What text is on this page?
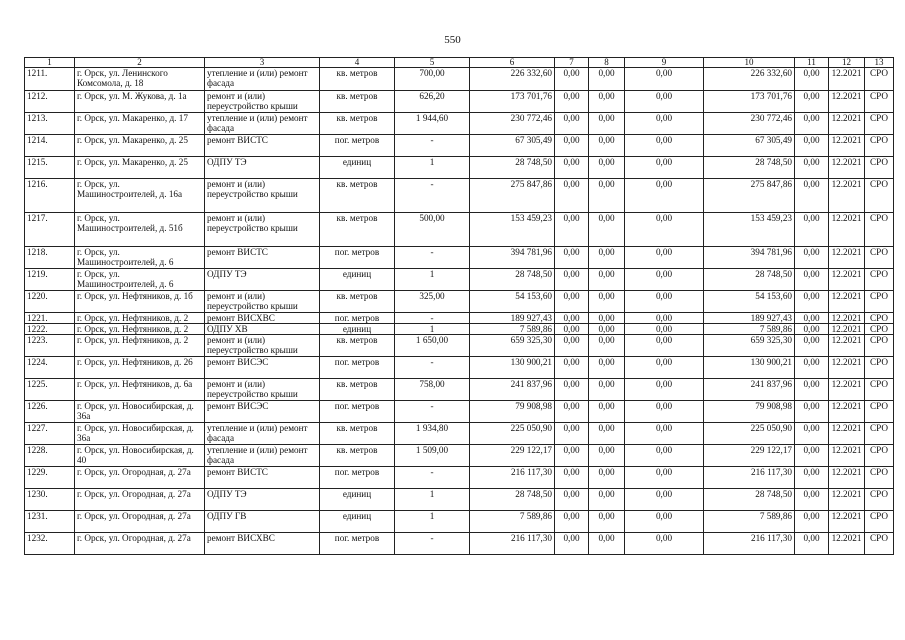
550
1	2	3	4	5	6	7	8	9	10	11	12	13
1211.	г. Орск, ул. Ленинского Комсомола, д. 18	утепление и (или) ремонт фасада	кв. метров	700,00	226 332,60	0,00	0,00	0,00	226 332,60	0,00	12.2021	СРО
1212.	г. Орск, ул. М. Жукова, д. 1а	ремонт и (или) переустройство крыши	кв. метров	626,20	173 701,76	0,00	0,00	0,00	173 701,76	0,00	12.2021	СРО
1213.	г. Орск, ул. Макаренко, д. 17	утепление и (или) ремонт фасада	кв. метров	1 944,60	230 772,46	0,00	0,00	0,00	230 772,46	0,00	12.2021	СРО
1214.	г. Орск, ул. Макаренко, д. 25	ремонт ВИСТС	пог. метров	-	67 305,49	0,00	0,00	0,00	67 305,49	0,00	12.2021	СРО
1215.	г. Орск, ул. Макаренко, д. 25	ОДПУ ТЭ	единиц	1	28 748,50	0,00	0,00	0,00	28 748,50	0,00	12.2021	СРО
1216.	г. Орск, ул. Машиностроителей, д. 16а	ремонт и (или) переустройство крыши	кв. метров	-	275 847,86	0,00	0,00	0,00	275 847,86	0,00	12.2021	СРО
1217.	г. Орск, ул. Машиностроителей, д. 51б	ремонт и (или) переустройство крыши	кв. метров	500,00	153 459,23	0,00	0,00	0,00	153 459,23	0,00	12.2021	СРО
1218.	г. Орск, ул. Машиностроителей, д. 6	ремонт ВИСТС	пог. метров	-	394 781,96	0,00	0,00	0,00	394 781,96	0,00	12.2021	СРО
1219.	г. Орск, ул. Машиностроителей, д. 6	ОДПУ ТЭ	единиц	1	28 748,50	0,00	0,00	0,00	28 748,50	0,00	12.2021	СРО
1220.	г. Орск, ул. Нефтяников, д. 1б	ремонт и (или) переустройство крыши	кв. метров	325,00	54 153,60	0,00	0,00	0,00	54 153,60	0,00	12.2021	СРО
1221.	г. Орск, ул. Нефтяников, д. 2	ремонт ВИСХВС	пог. метров	-	189 927,43	0,00	0,00	0,00	189 927,43	0,00	12.2021	СРО
1222.	г. Орск, ул. Нефтяников, д. 2	ОДПУ ХВ	единиц	1	7 589,86	0,00	0,00	0,00	7 589,86	0,00	12.2021	СРО
1223.	г. Орск, ул. Нефтяников, д. 2	ремонт и (или) переустройство крыши	кв. метров	1 650,00	659 325,30	0,00	0,00	0,00	659 325,30	0,00	12.2021	СРО
1224.	г. Орск, ул. Нефтяников, д. 26	ремонт ВИСЭС	пог. метров	-	130 900,21	0,00	0,00	0,00	130 900,21	0,00	12.2021	СРО
1225.	г. Орск, ул. Нефтяников, д. 6а	ремонт и (или) переустройство крыши	кв. метров	758,00	241 837,96	0,00	0,00	0,00	241 837,96	0,00	12.2021	СРО
1226.	г. Орск, ул. Новосибирская, д. 36а	ремонт ВИСЭС	пог. метров	-	79 908,98	0,00	0,00	0,00	79 908,98	0,00	12.2021	СРО
1227.	г. Орск, ул. Новосибирская, д. 36а	утепление и (или) ремонт фасада	кв. метров	1 934,80	225 050,90	0,00	0,00	0,00	225 050,90	0,00	12.2021	СРО
1228.	г. Орск, ул. Новосибирская, д. 40	утепление и (или) ремонт фасада	кв. метров	1 509,00	229 122,17	0,00	0,00	0,00	229 122,17	0,00	12.2021	СРО
1229.	г. Орск, ул. Огородная, д. 27а	ремонт ВИСТС	пог. метров	-	216 117,30	0,00	0,00	0,00	216 117,30	0,00	12.2021	СРО
1230.	г. Орск, ул. Огородная, д. 27а	ОДПУ ТЭ	единиц	1	28 748,50	0,00	0,00	0,00	28 748,50	0,00	12.2021	СРО
1231.	г. Орск, ул. Огородная, д. 27а	ОДПУ ГВ	единиц	1	7 589,86	0,00	0,00	0,00	7 589,86	0,00	12.2021	СРО
1232.	г. Орск, ул. Огородная, д. 27а	ремонт ВИСХВС	пог. метров	-	216 117,30	0,00	0,00	0,00	216 117,30	0,00	12.2021	СРО
